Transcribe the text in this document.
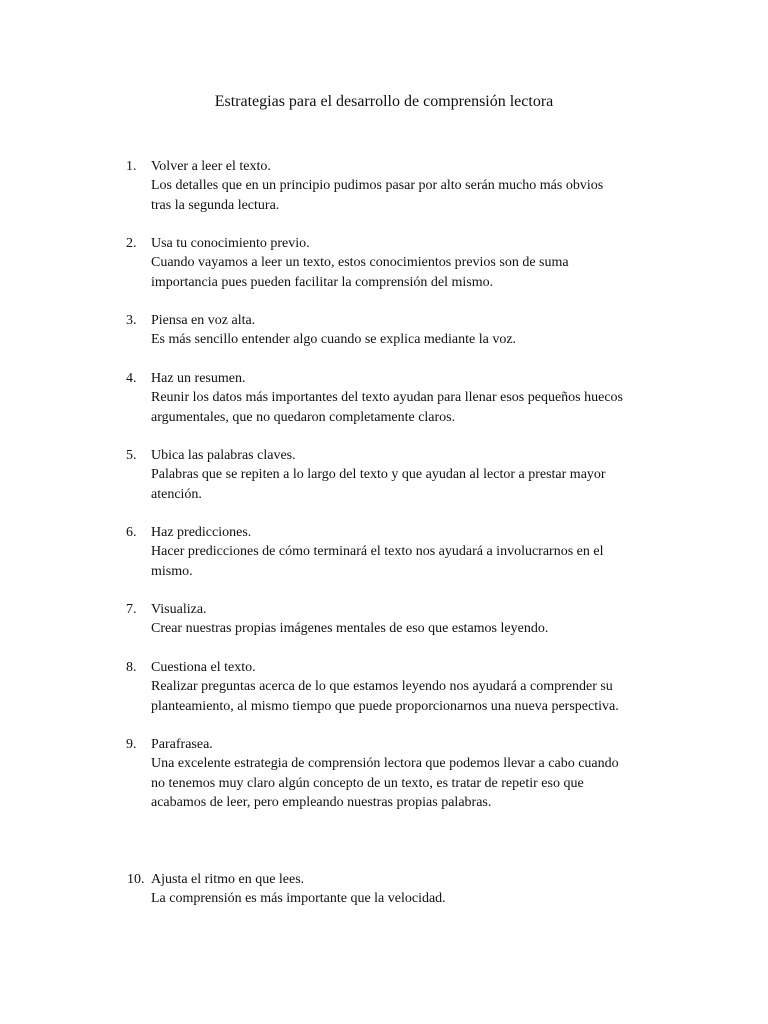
Estrategias para el desarrollo de comprensión lectora
1.	Volver a leer el texto.
Los detalles que en un principio pudimos pasar por alto serán mucho más obvios
tras la segunda lectura.
2.	Usa tu conocimiento previo.
Cuando vayamos a leer un texto, estos conocimientos previos son de suma
importancia pues pueden facilitar la comprensión del mismo.
3.	Piensa en voz alta.
Es más sencillo entender algo cuando se explica mediante la voz.
4.	Haz un resumen.
Reunir los datos más importantes del texto ayudan para llenar esos pequeños huecos
argumentales, que no quedaron completamente claros.
5.	Ubica las palabras claves.
Palabras que se repiten a lo largo del texto y que ayudan al lector a prestar mayor
atención.
6.	Haz predicciones.
Hacer predicciones de cómo terminará el texto nos ayudará a involucrarnos en el
mismo.
7.	Visualiza.
Crear nuestras propias imágenes mentales de eso que estamos leyendo.
8.	Cuestiona el texto.
Realizar preguntas acerca de lo que estamos leyendo nos ayudará a comprender su
planteamiento, al mismo tiempo que puede proporcionarnos una nueva perspectiva.
9.	Parafrasea.
Una excelente estrategia de comprensión lectora que podemos llevar a cabo cuando
no tenemos muy claro algún concepto de un texto, es tratar de repetir eso que
acabamos de leer, pero empleando nuestras propias palabras.
10. Ajusta el ritmo en que lees.
La comprensión es más importante que la velocidad.
